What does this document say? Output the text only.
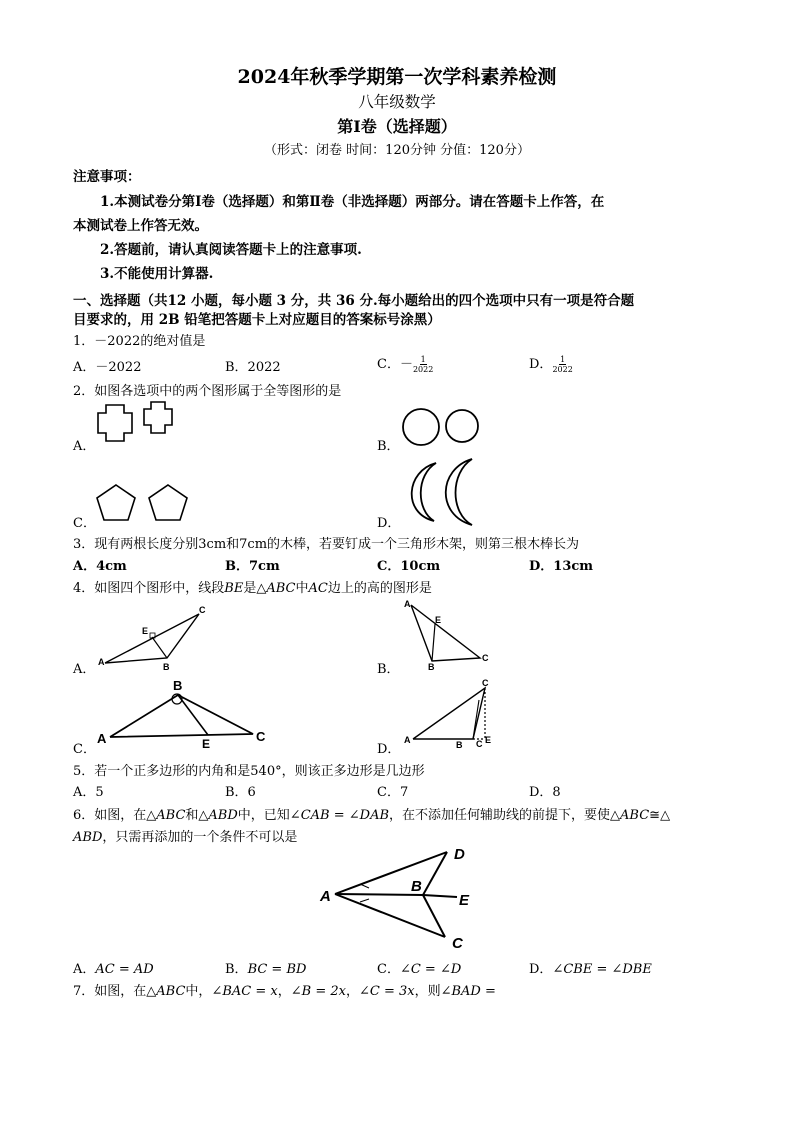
2024年秋季学期第一次学科素养检测
八年级数学
第Ⅰ卷（选择题）
（形式：闭卷 时间：120分钟 分值：120分）
注意事项：
1.本测试卷分第Ⅰ卷（选择题）和第Ⅱ卷（非选择题）两部分。请在答题卡上作答，在
本测试卷上作答无效。
2.答题前，请认真阅读答题卡上的注意事项.
3.不能使用计算器.
一、选择题（共12 小题，每小题 3 分，共 36 分.每小题给出的四个选项中只有一项是符合题
目要求的，用 2B 铅笔把答题卡上对应题目的答案标号涂黑）
1．－2022的绝对值是
A．－2022	B．2022	C．－ $\frac{1}{2022}$	D． $\frac{1}{2022}$
2．如图各选项中的两个图形属于全等图形的是
A．	B．
C．	D．
3．现有两根长度分别3cm和7cm的木棒，若要钉成一个三角形木架，则第三根木棒长为
A．4cm	B．7cm	C．10cm	D．13cm
4．如图四个图形中，线段BE是△ABC中AC边上的高的图形是
A． A
C
B
E
B．
A
E
B
C
C．
A
B
C
E	D．
A
C
B C E
5．若一个正多边形的内角和是540°，则该正多边形是几边形
A．5	B．6	C．7	D．8
6．如图，在△ABC和△ABD中，已知∠CAB = ∠DAB，在不添加任何辅助线的前提下，要使△ABC≅△
ABD，只需再添加的一个条件不可以是
A
B
D
E
C
A．AC = AD	B．BC = BD	C．∠C = ∠D	D．∠CBE = ∠DBE
7．如图，在△ABC中，∠BAC = x，∠B = 2x，∠C = 3x，则∠BAD =
